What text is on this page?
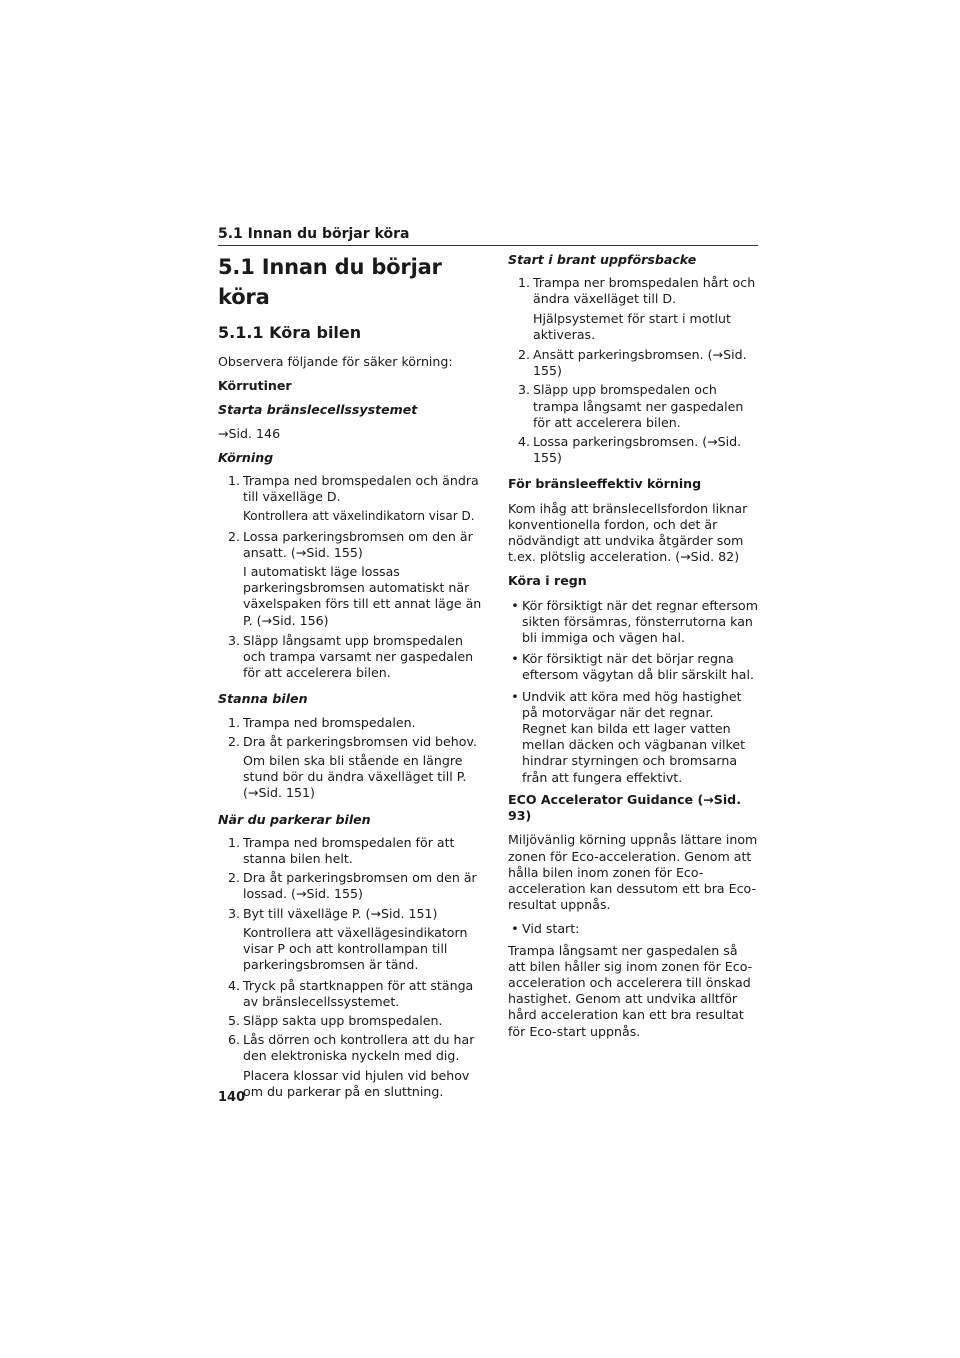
5.1 Innan du börjar köra
5.1 Innan du börjar köra
5.1.1 Köra bilen
Observera följande för säker körning:
Körrutiner
Starta bränslecellssystemet
→Sid. 146
Körning
1. Trampa ned bromspedalen och ändra till växelläge D.
Kontrollera att växelindikatorn visar D.
2. Lossa parkeringsbromsen om den är ansatt. (→Sid. 155)
I automatiskt läge lossas parkeringsbromsen automatiskt när växelspaken förs till ett annat läge än P. (→Sid. 156)
3. Släpp långsamt upp bromspedalen och trampa varsamt ner gaspedalen för att accelerera bilen.
Stanna bilen
1. Trampa ned bromspedalen.
2. Dra åt parkeringsbromsen vid behov.
Om bilen ska bli stående en längre stund bör du ändra växelläget till P. (→Sid. 151)
När du parkerar bilen
1. Trampa ned bromspedalen för att stanna bilen helt.
2. Dra åt parkeringsbromsen om den är lossad. (→Sid. 155)
3. Byt till växelläge P. (→Sid. 151)
Kontrollera att växellägesindikatorn visar P och att kontrollampan till parkeringsbromsen är tänd.
4. Tryck på startknappen för att stänga av bränslecellssystemet.
5. Släpp sakta upp bromspedalen.
6. Lås dörren och kontrollera att du har den elektroniska nyckeln med dig.
Placera klossar vid hjulen vid behov om du parkerar på en sluttning.
Start i brant uppförsbacke
1. Trampa ner bromspedalen hårt och ändra växelläget till D.
Hjälpsystemet för start i motlut aktiveras.
2. Ansätt parkeringsbromsen. (→Sid. 155)
3. Släpp upp bromspedalen och trampa långsamt ner gaspedalen för att accelerera bilen.
4. Lossa parkeringsbromsen. (→Sid. 155)
För bränsleeffektiv körning
Kom ihåg att bränslecellsfordon liknar konventionella fordon, och det är nödvändigt att undvika åtgärder som t.ex. plötslig acceleration. (→Sid. 82)
Köra i regn
• Kör försiktigt när det regnar eftersom sikten försämras, fönsterrutorna kan bli immiga och vägen hal.
• Kör försiktigt när det börjar regna eftersom vägytan då blir särskilt hal.
• Undvik att köra med hög hastighet på motorvägar när det regnar. Regnet kan bilda ett lager vatten mellan däcken och vägbanan vilket hindrar styrningen och bromsarna från att fungera effektivt.
ECO Accelerator Guidance (→Sid. 93)
Miljövänlig körning uppnås lättare inom zonen för Eco-acceleration. Genom att hålla bilen inom zonen för Eco-acceleration kan dessutom ett bra Eco-resultat uppnås.
• Vid start:
Trampa långsamt ner gaspedalen så att bilen håller sig inom zonen för Eco-acceleration och accelerera till önskad hastighet. Genom att undvika alltför hård acceleration kan ett bra resultat för Eco-start uppnås.
140
